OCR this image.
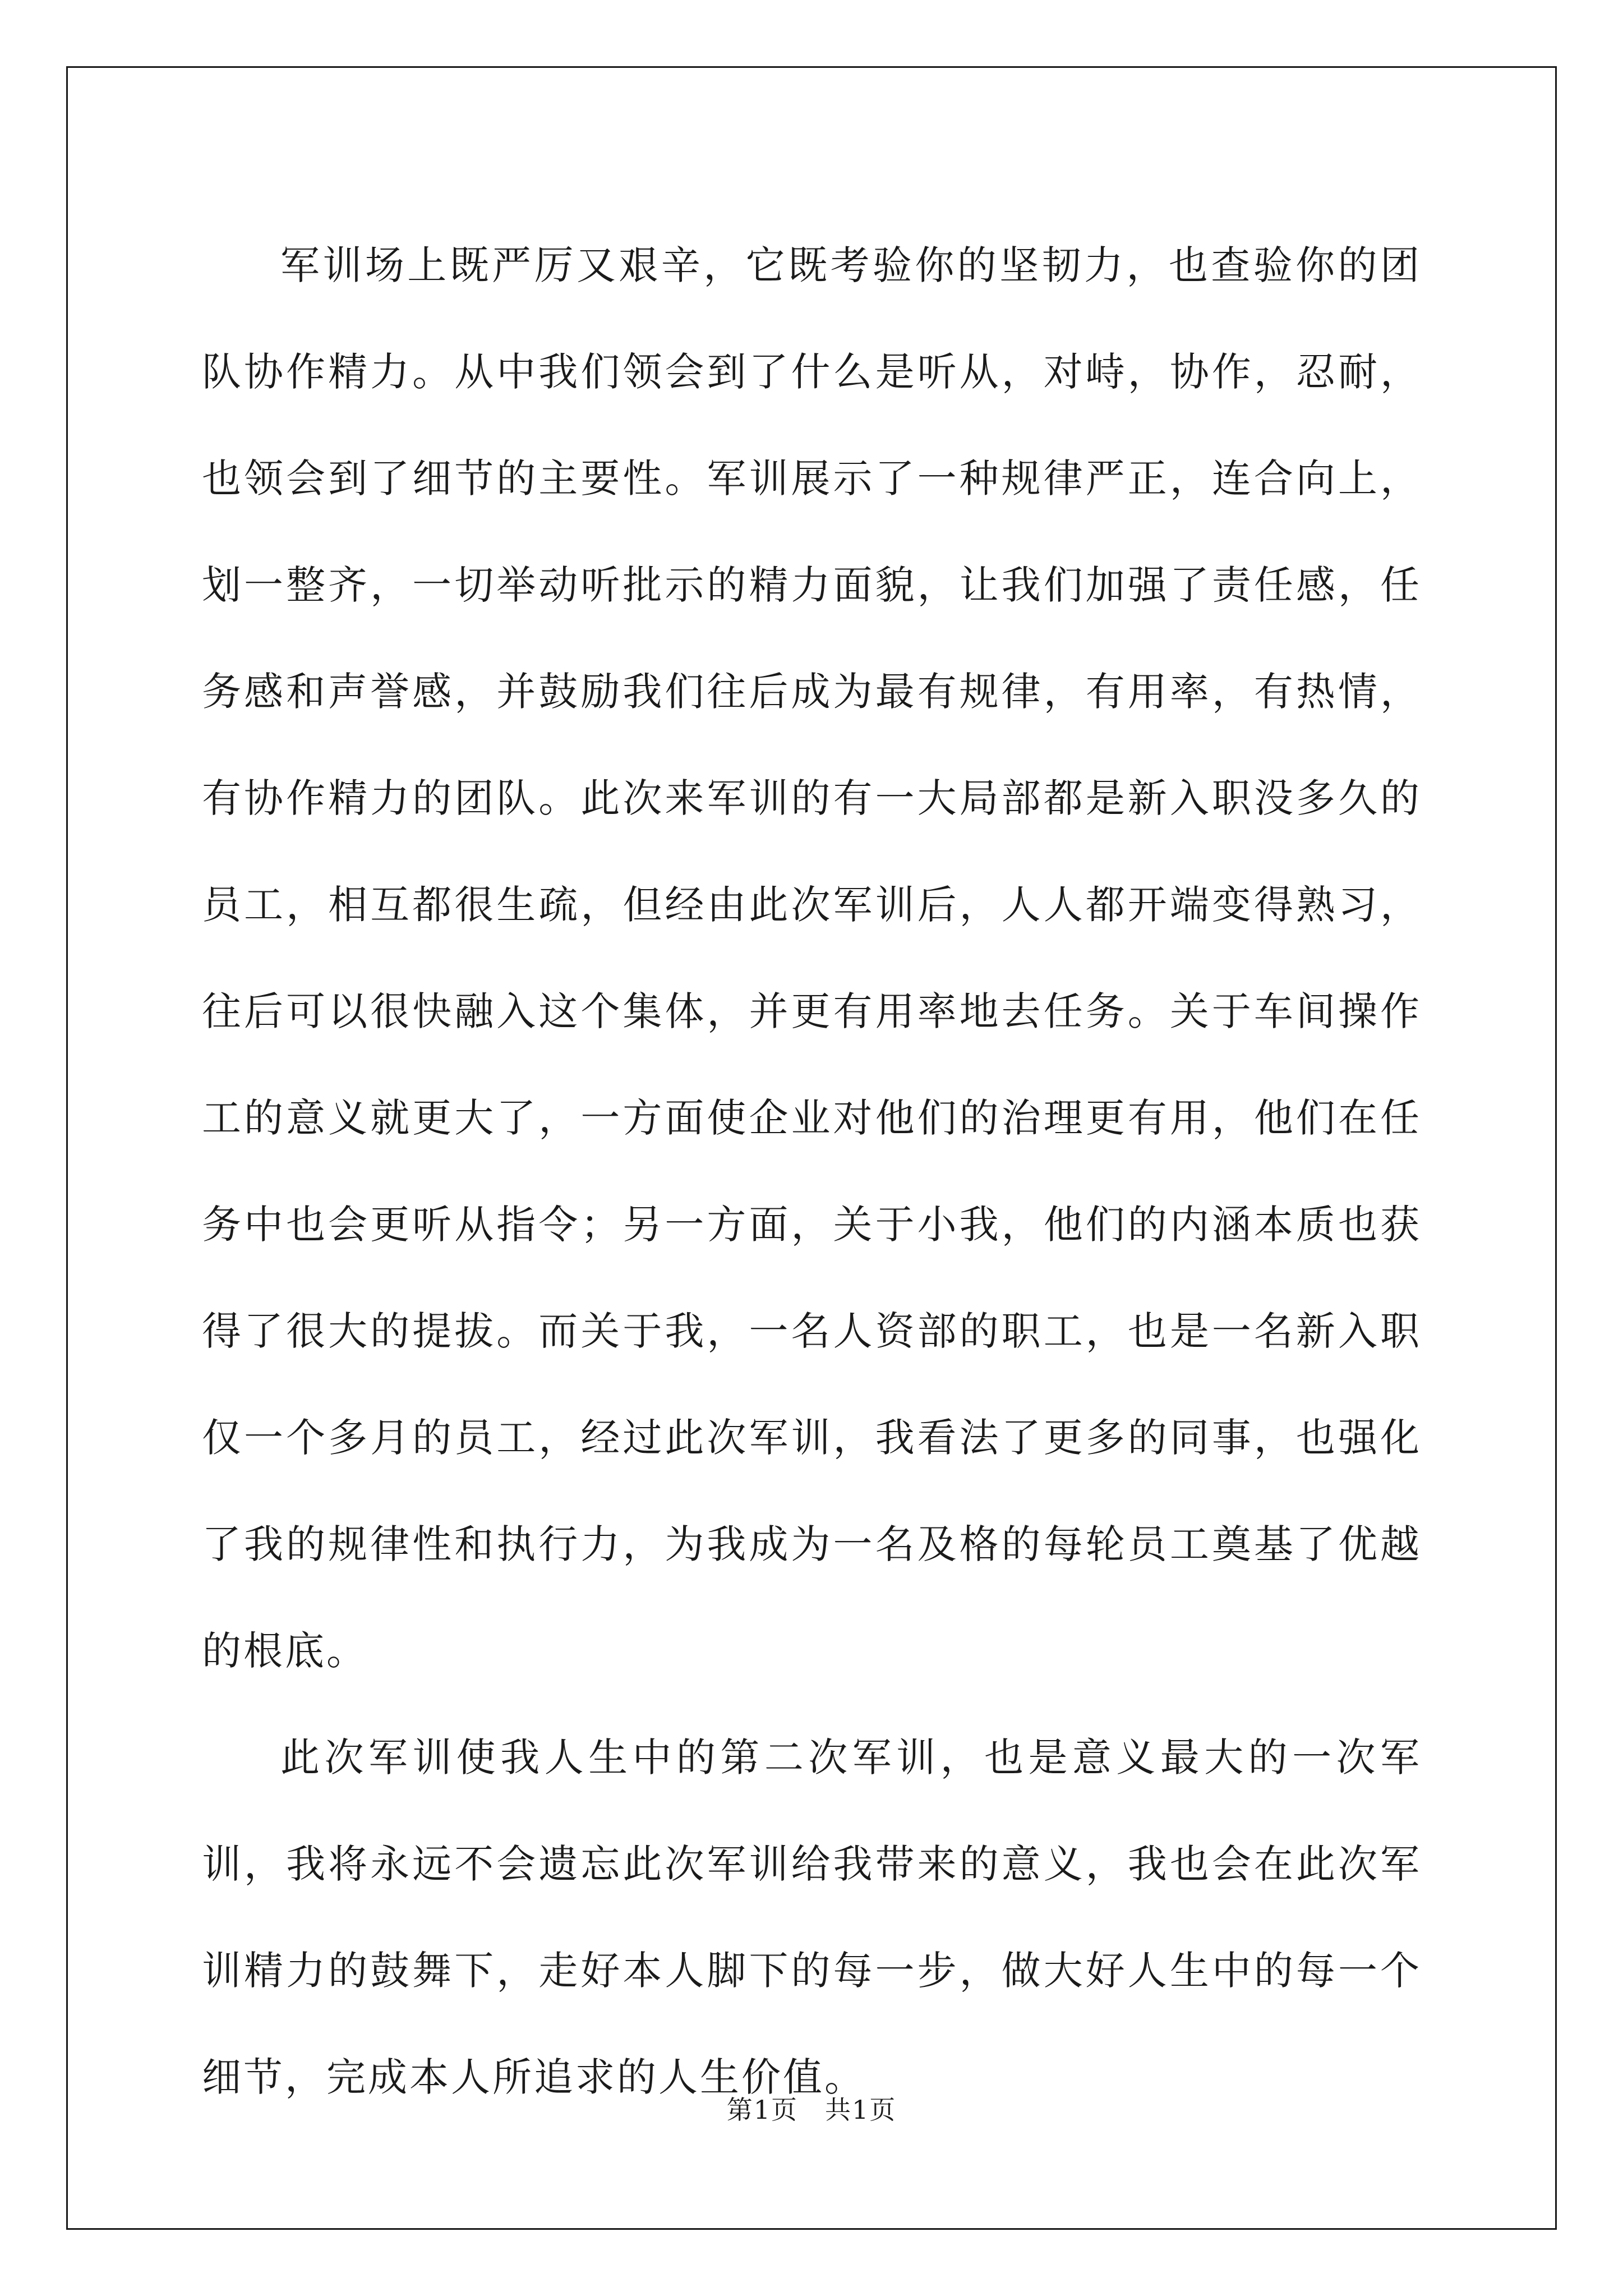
军训场上既严厉又艰辛，它既考验你的坚韧力，也查验你的团队协作精力。从中我们领会到了什么是听从，对峙，协作，忍耐，也领会到了细节的主要性。军训展示了一种规律严正，连合向上，划一整齐，一切举动听批示的精力面貌，让我们加强了责任感，任务感和声誉感，并鼓励我们往后成为最有规律，有用率，有热情，有协作精力的团队。此次来军训的有一大局部都是新入职没多久的员工，相互都很生疏，但经由此次军训后，人人都开端变得熟习，往后可以很快融入这个集体，并更有用率地去任务。关于车间操作工的意义就更大了，一方面使企业对他们的治理更有用，他们在任务中也会更听从指令；另一方面，关于小我，他们的内涵本质也获得了很大的提拔。而关于我，一名人资部的职工，也是一名新入职仅一个多月的员工，经过此次军训，我看法了更多的同事，也强化了我的规律性和执行力，为我成为一名及格的每轮员工奠基了优越的根底。

此次军训使我人生中的第二次军训，也是意义最大的一次军训，我将永远不会遗忘此次军训给我带来的意义，我也会在此次军训精力的鼓舞下，走好本人脚下的每一步，做大好人生中的每一个细节，完成本人所追求的人生价值。

第1页 共1页
